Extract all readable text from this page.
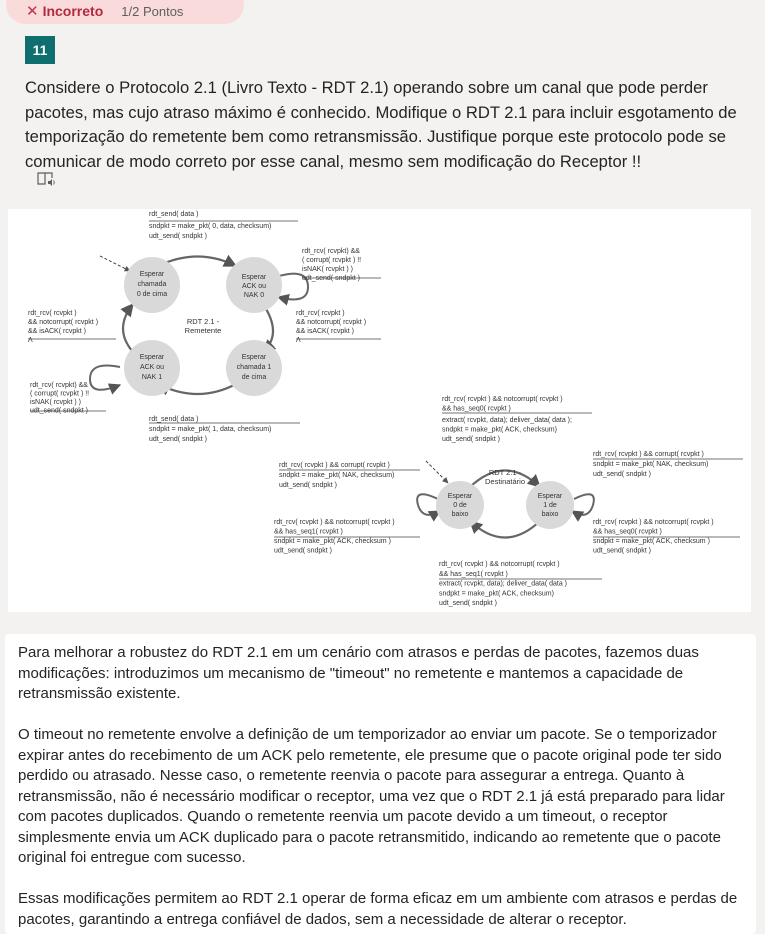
✕ Incorreto 1/2 Pontos
11
Considere o Protocolo 2.1 (Livro Texto - RDT 2.1) operando sobre um canal que pode perder pacotes, mas cujo atraso máximo é conhecido. Modifique o RDT 2.1 para incluir esgotamento de temporização do remetente bem como retransmissão. Justifique porque este protocolo pode se comunicar de modo correto por esse canal, mesmo sem modificação do Receptor !!
Esperar chamada 0 de cima
Esperar ACK ou NAK 0
Esperar chamada 1 de cima
Esperar ACK ou NAK 1
RDT 2.1 -Remetente
rdt_send( data ) sndpkt = make_pkt( 0, data, checksum) udt_send( sndpkt )
rdt_rcv( rcvpkt) && ( corrupt( rcvpkt ) !! isNAK( rcvpkt ) ) udt_send( sndpkt )
rdt_rcv( rcvpkt ) && notcorrupt( rcvpkt ) && isACK( rcvpkt ) Λ
rdt_rcv( rcvpkt ) && notcorrupt( rcvpkt ) && isACK( rcvpkt ) Λ
rdt_rcv( rcvpkt) && ( corrupt( rcvpkt ) !! isNAK( rcvpkt ) ) udt_send( sndpkt )
rdt_send( data ) sndpkt = make_pkt( 1, data, checksum) udt_send( sndpkt )
Esperar 0 de baixo
Esperar 1 de baixo
RDT 2.1 -Destinatário
rdt_rcv( rcvpkt ) && notcorrupt( rcvpkt ) && has_seq0( rcvpkt ) extract( rcvpkt, data); deliver_data( data ); sndpkt = make_pkt( ACK, checksum) udt_send( sndpkt )
rdt_rcv( rcvpkt ) && corrupt( rcvpkt ) sndpkt = make_pkt( NAK, checksum) udt_send( sndpkt )
rdt_rcv( rcvpkt ) && corrupt( rcvpkt ) sndpkt = make_pkt( NAK, checksum) udt_send( sndpkt )
rdt_rcv( rcvpkt ) && notcorrupt( rcvpkt ) && has_seq1( rcvpkt ) sndpkt = make_pkt( ACK, checksum ) udt_send( sndpkt )
rdt_rcv( rcvpkt ) && notcorrupt( rcvpkt ) && has_seq0( rcvpkt ) sndpkt = make_pkt( ACK, checksum ) udt_send( sndpkt )
rdt_rcv( rcvpkt ) && notcorrupt( rcvpkt ) && has_seq1( rcvpkt ) extract( rcvpkt, data); deliver_data( data ) sndpkt = make_pkt( ACK, checksum) udt_send( sndpkt )

Para melhorar a robustez do RDT 2.1 em um cenário com atrasos e perdas de pacotes, fazemos duas modificações: introduzimos um mecanismo de "timeout" no remetente e mantemos a capacidade de retransmissão existente.

O timeout no remetente envolve a definição de um temporizador ao enviar um pacote. Se o temporizador expirar antes do recebimento de um ACK pelo remetente, ele presume que o pacote original pode ter sido perdido ou atrasado. Nesse caso, o remetente reenvia o pacote para assegurar a entrega. Quanto à retransmissão, não é necessário modificar o receptor, uma vez que o RDT 2.1 já está preparado para lidar com pacotes duplicados. Quando o remetente reenvia um pacote devido a um timeout, o receptor simplesmente envia um ACK duplicado para o pacote retransmitido, indicando ao remetente que o pacote original foi entregue com sucesso.

Essas modificações permitem ao RDT 2.1 operar de forma eficaz em um ambiente com atrasos e perdas de pacotes, garantindo a entrega confiável de dados, sem a necessidade de alterar o receptor.
